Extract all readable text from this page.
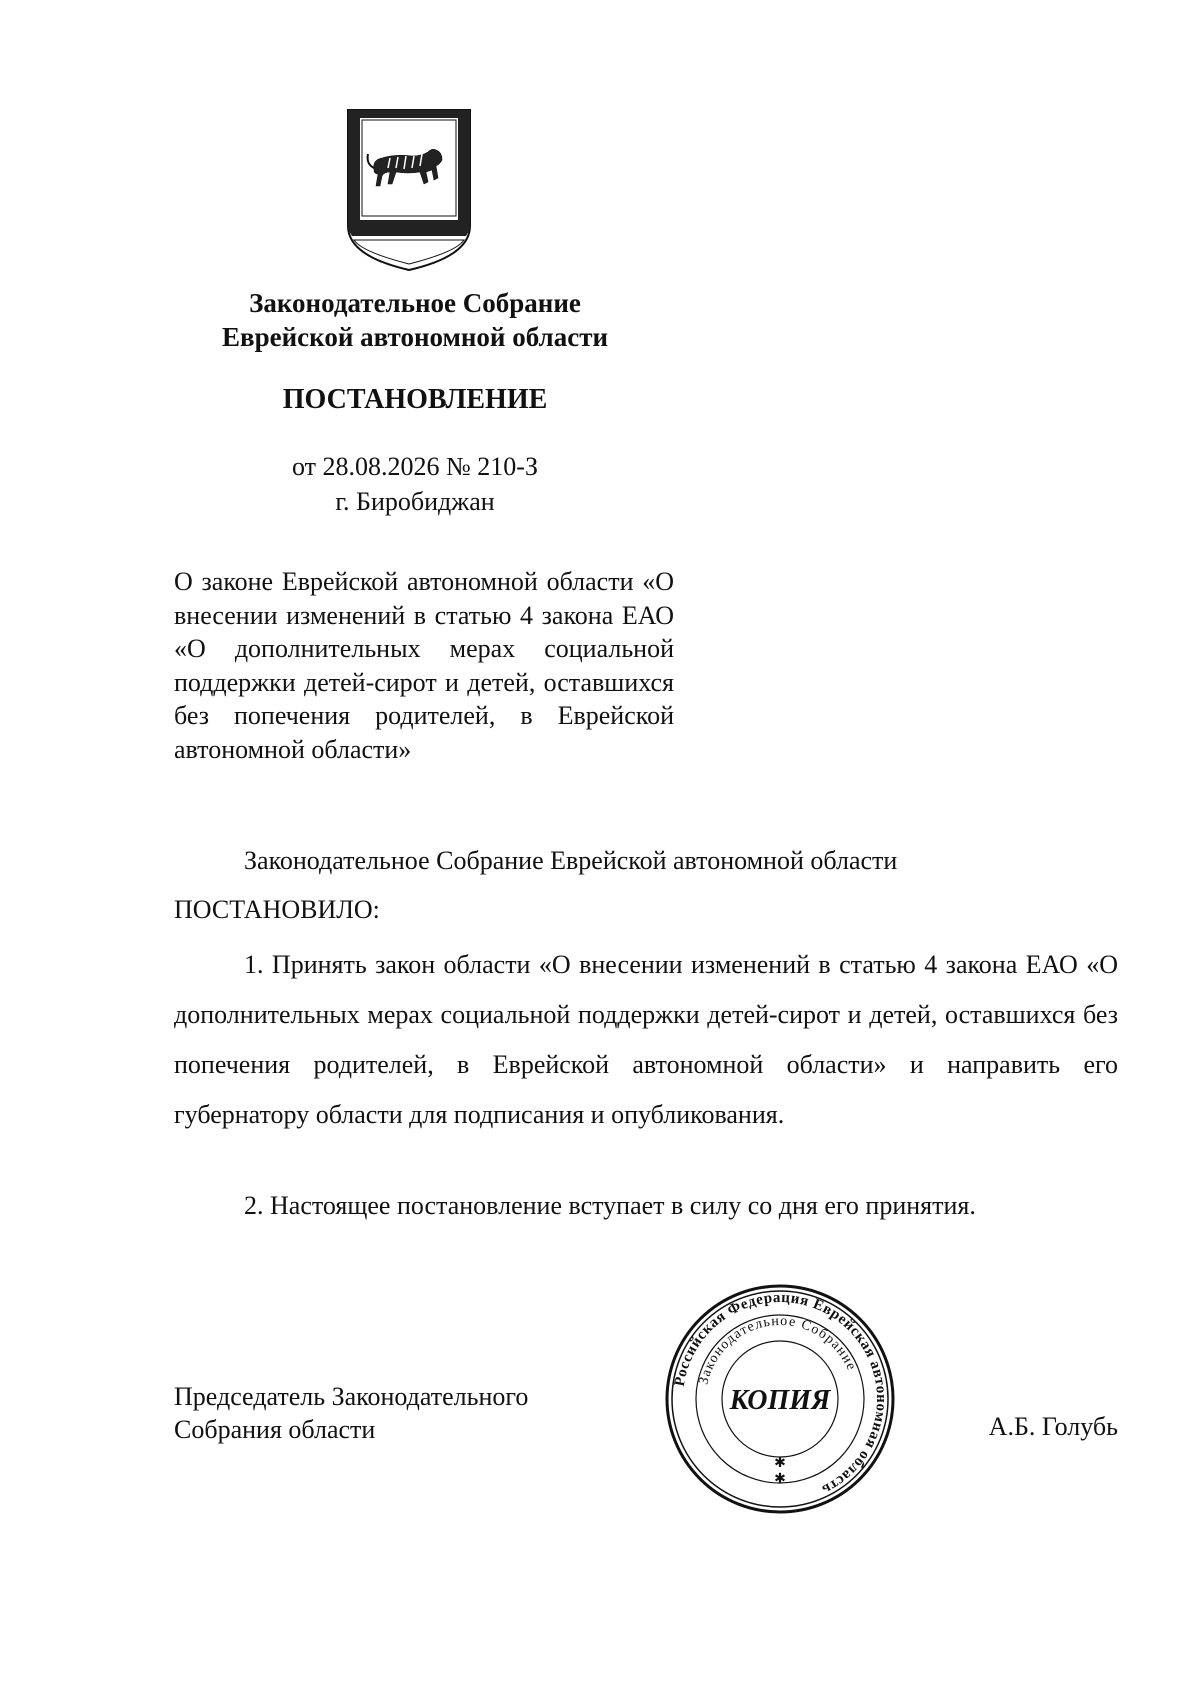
Законодательное Собрание
Еврейской автономной области
ПОСТАНОВЛЕНИЕ
от 28.08.2026 № 210-З
г. Биробиджан
О законе Еврейской автономной области «О внесении изменений в статью 4 закона ЕАО «О дополнительных мерах социальной поддержки детей-сирот и детей, оставшихся без попечения родителей, в Еврейской автономной области»
Законодательное Собрание Еврейской автономной области
ПОСТАНОВИЛО:
1. Принять закон области «О внесении изменений в статью 4 закона ЕАО «О дополнительных мерах социальной поддержки детей-сирот и детей, оставшихся без попечения родителей, в Еврейской автономной области» и направить его губернатору области для подписания и опубликования.
2. Настоящее постановление вступает в силу со дня его принятия.
Председатель Законодательного
Собрания области	А.Б. Голубь
Российская Федерация Еврейская автономная область
Законодательное Собрание
КОПИЯ
✱
✱
